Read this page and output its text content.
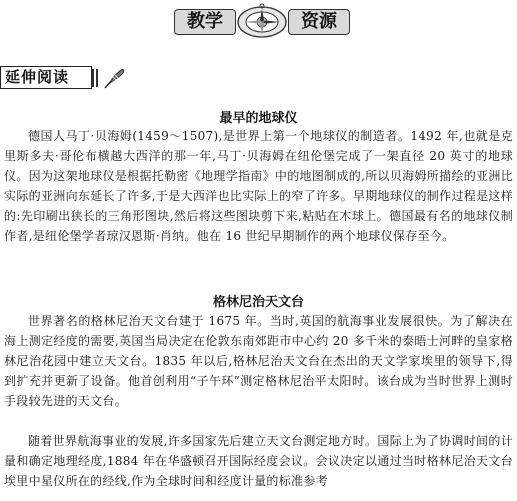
教学	资源
延伸阅读
最早的地球仪
德国人马丁·贝海姆(1459～1507),是世界上第一个地球仪的制造者。1492 年,也就是克里斯多夫·哥伦布横越大西洋的那一年,马丁·贝海姆在纽伦堡完成了一架直径 20 英寸的地球仪。因为这架地球仪是根据托勒密《地理学指南》中的地图制成的,所以贝海姆所描绘的亚洲比实际的亚洲向东延长了许多,于是大西洋也比实际上的窄了许多。早期地球仪的制作过程是这样的:先印刷出狭长的三角形图块,然后将这些图块剪下来,粘贴在木球上。德国最有名的地球仪制作者,是纽伦堡学者琼汉恩斯·肖纳。他在 16 世纪早期制作的两个地球仪保存至今。
格林尼治天文台
世界著名的格林尼治天文台建于 1675 年。当时,英国的航海事业发展很快。为了解决在海上测定经度的需要,英国当局决定在伦敦东南郊距市中心约 20 多千米的泰晤士河畔的皇家格林尼治花园中建立天文台。1835 年以后,格林尼治天文台在杰出的天文学家埃里的领导下,得到扩充并更新了设备。他首创利用“子午环”测定格林尼治平太阳时。该台成为当时世界上测时手段较先进的天文台。
随着世界航海事业的发展,许多国家先后建立天文台测定地方时。国际上为了协调时间的计量和确定地理经度,1884 年在华盛顿召开国际经度会议。会议决定以通过当时格林尼治天文台埃里中星仪所在的经线,作为全球时间和经度计量的标准参考
